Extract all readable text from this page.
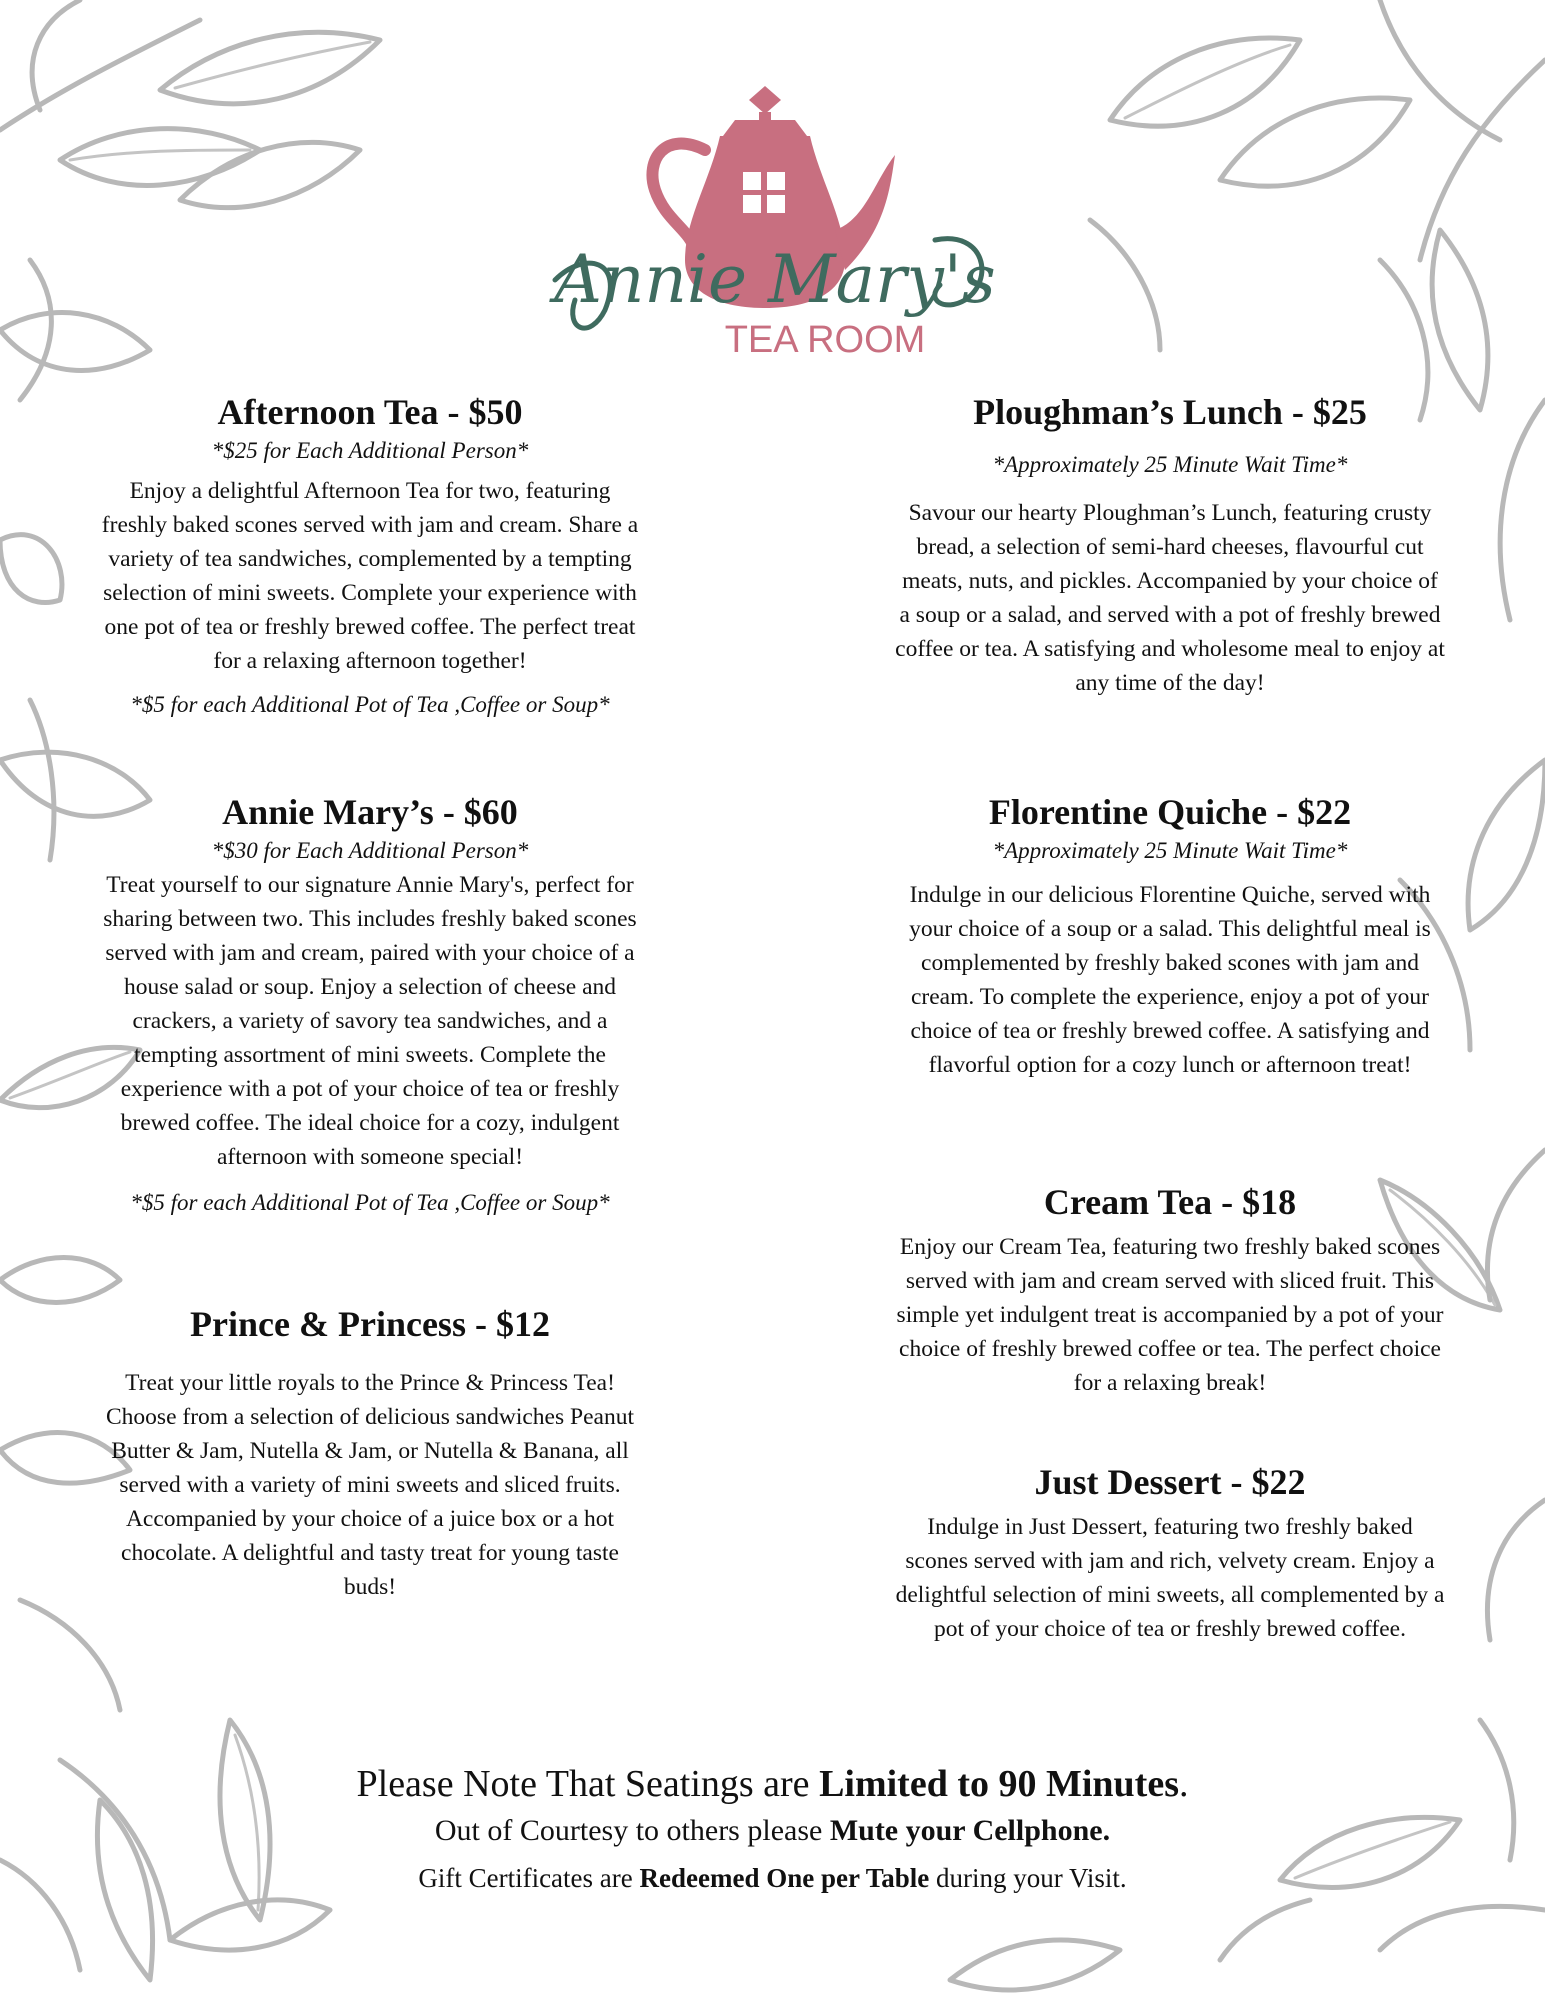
Annie Mary's
TEA ROOM
Afternoon Tea - $50

*$25 for Each Additional Person*

Enjoy a delightful Afternoon Tea for two, featuring freshly baked scones served with jam and cream. Share a variety of tea sandwiches, complemented by a tempting selection of mini sweets. Complete your experience with one pot of tea or freshly brewed coffee. The perfect treat for a relaxing afternoon together!

*$5 for each Additional Pot of Tea ,Coffee or Soup*

Annie Mary’s - $60

*$30 for Each Additional Person*

Treat yourself to our signature Annie Mary's, perfect for sharing between two. This includes freshly baked scones served with jam and cream, paired with your choice of a house salad or soup. Enjoy a selection of cheese and crackers, a variety of savory tea sandwiches, and a tempting assortment of mini sweets. Complete the experience with a pot of your choice of tea or freshly brewed coffee. The ideal choice for a cozy, indulgent afternoon with someone special!

*$5 for each Additional Pot of Tea ,Coffee or Soup*

Prince & Princess - $12

Treat your little royals to the Prince & Princess Tea! Choose from a selection of delicious sandwiches Peanut Butter & Jam, Nutella & Jam, or Nutella & Banana, all served with a variety of mini sweets and sliced fruits. Accompanied by your choice of a juice box or a hot chocolate. A delightful and tasty treat for young taste buds!

Ploughman’s Lunch - $25

*Approximately 25 Minute Wait Time*

Savour our hearty Ploughman’s Lunch, featuring crusty bread, a selection of semi-hard cheeses, flavourful cut meats, nuts, and pickles. Accompanied by your choice of a soup or a salad, and served with a pot of freshly brewed coffee or tea. A satisfying and wholesome meal to enjoy at any time of the day!

Florentine Quiche - $22

*Approximately 25 Minute Wait Time*

Indulge in our delicious Florentine Quiche, served with your choice of a soup or a salad. This delightful meal is complemented by freshly baked scones with jam and cream. To complete the experience, enjoy a pot of your choice of tea or freshly brewed coffee. A satisfying and flavorful option for a cozy lunch or afternoon treat!

Cream Tea - $18

Enjoy our Cream Tea, featuring two freshly baked scones served with jam and cream served with sliced fruit. This simple yet indulgent treat is accompanied by a pot of your choice of freshly brewed coffee or tea. The perfect choice for a relaxing break!

Just Dessert - $22

Indulge in Just Dessert, featuring two freshly baked scones served with jam and rich, velvety cream. Enjoy a delightful selection of mini sweets, all complemented by a pot of your choice of tea or freshly brewed coffee.

Please Note That Seatings are Limited to 90 Minutes.

Out of Courtesy to others please Mute your Cellphone.

Gift Certificates are Redeemed One per Table during your Visit.
